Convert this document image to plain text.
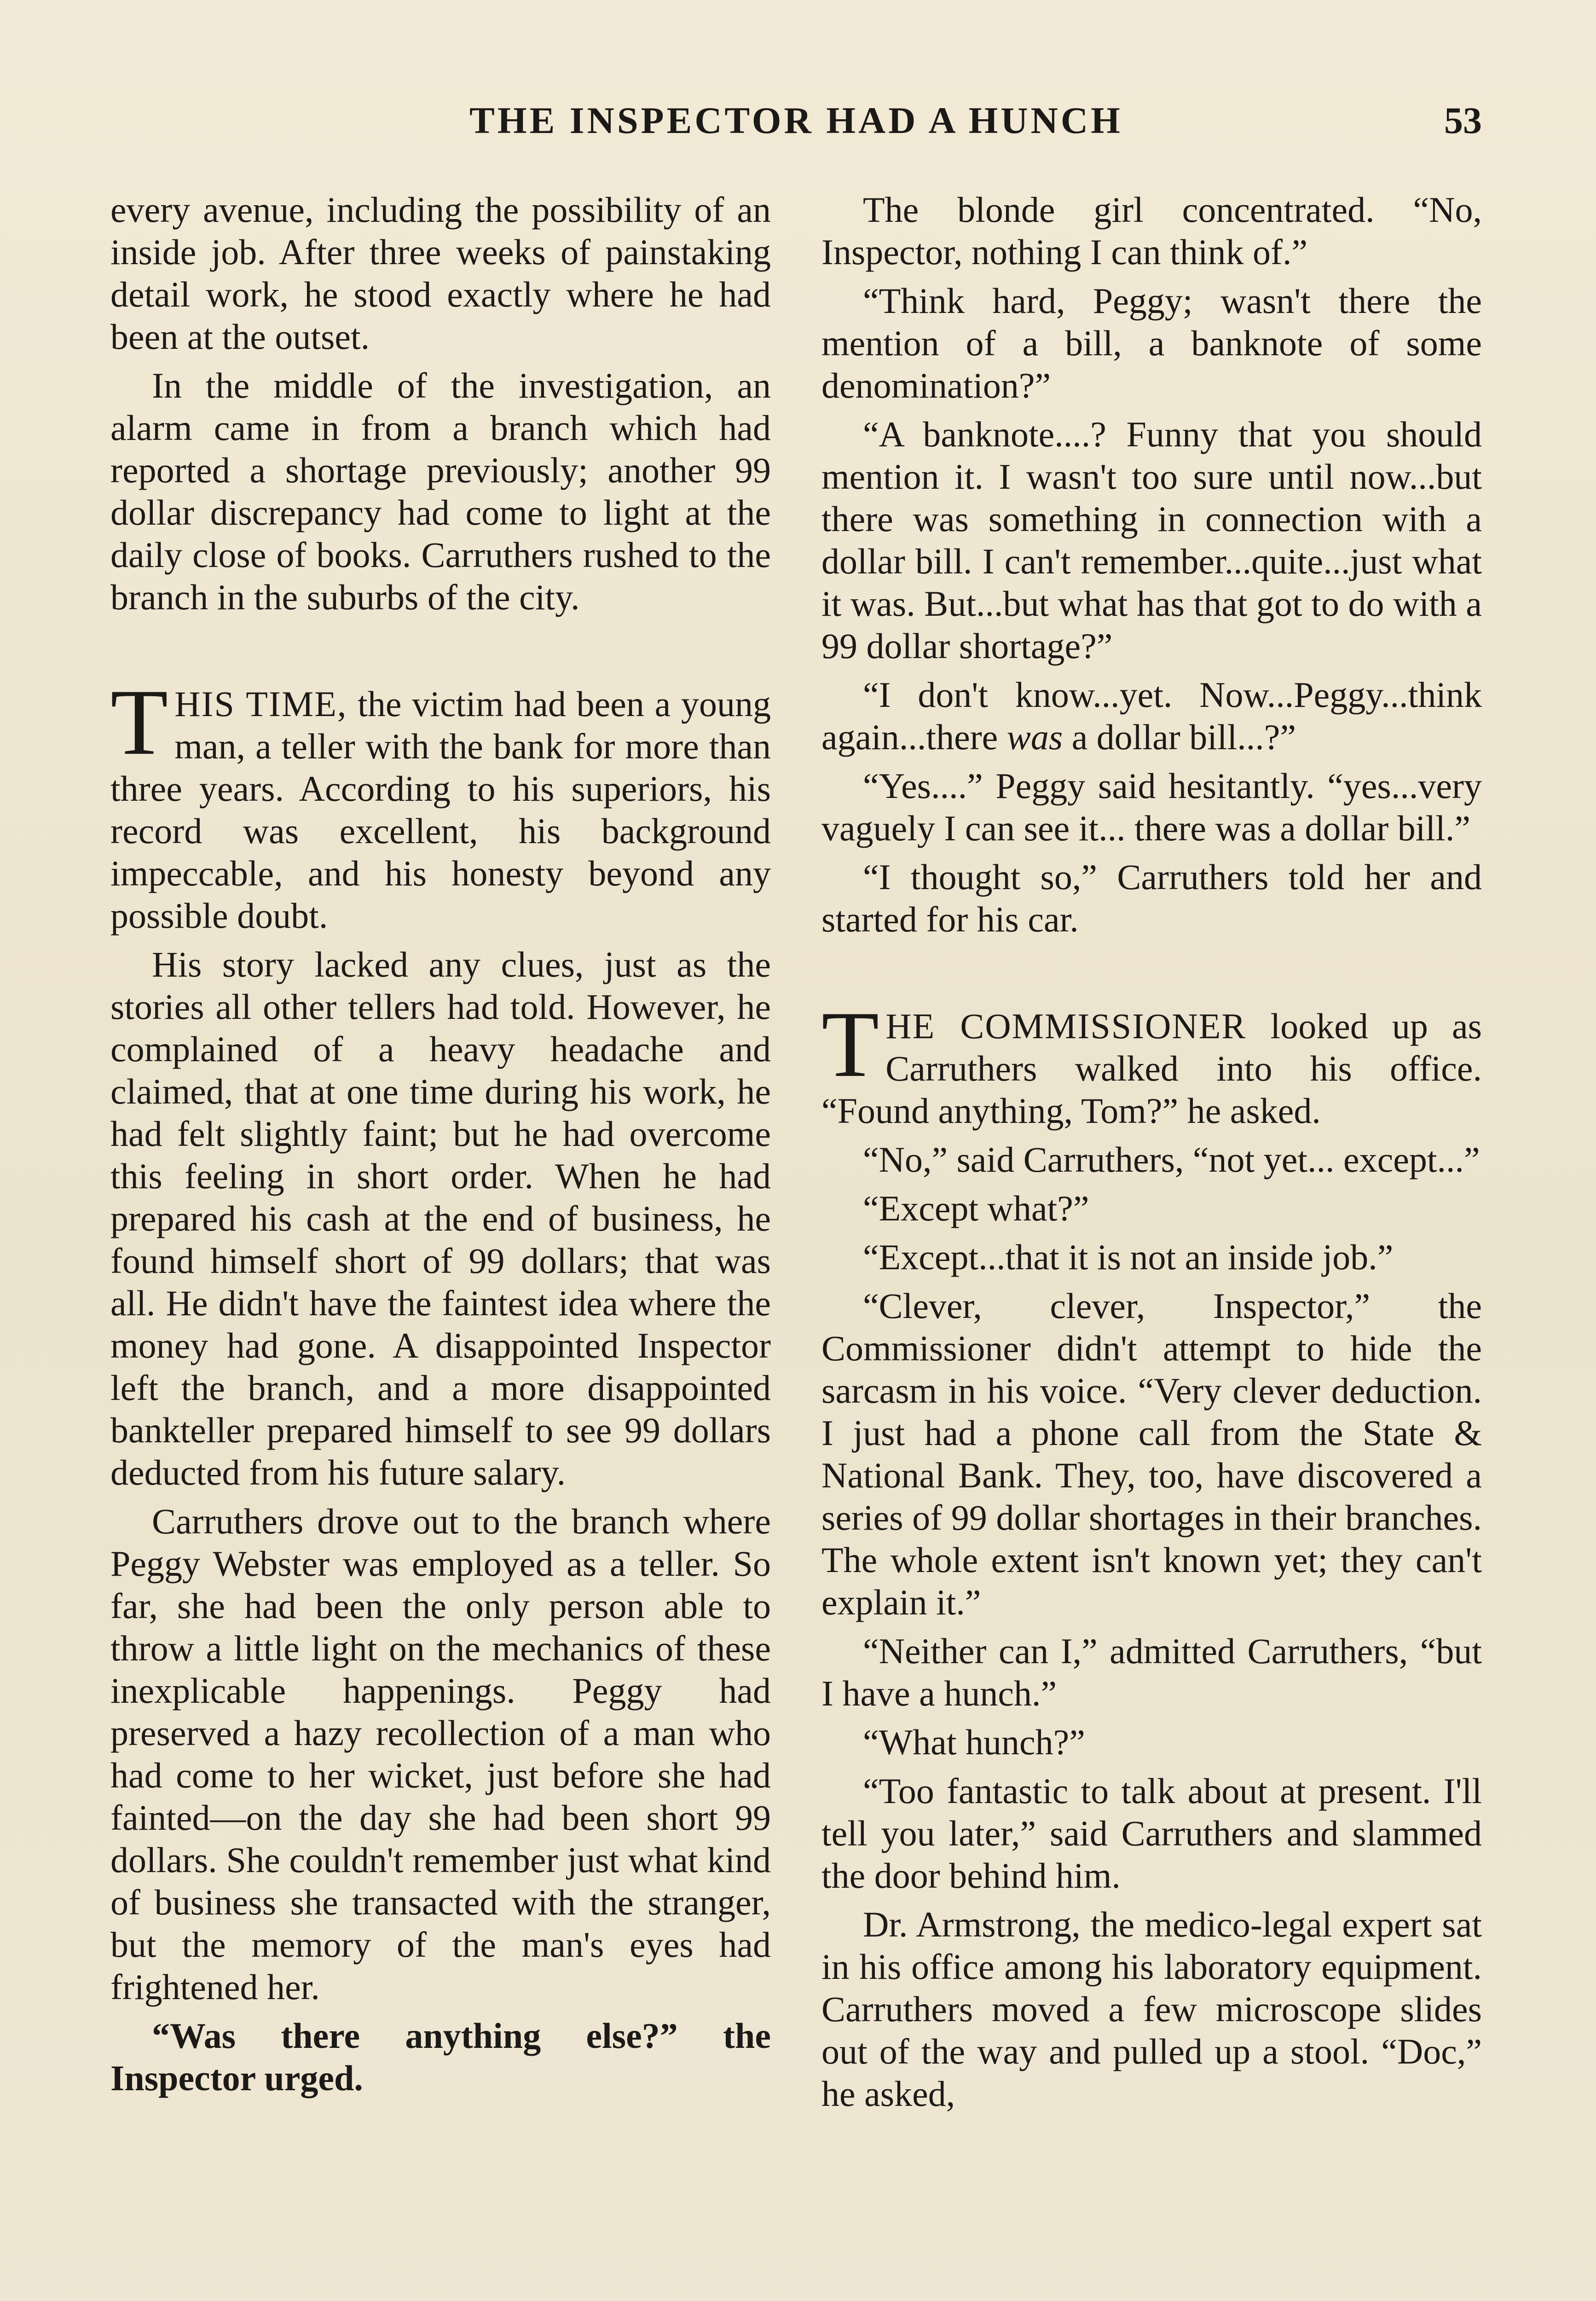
THE INSPECTOR HAD A HUNCH	53

every avenue, including the possibility of an inside job. After three weeks of painstaking detail work, he stood exactly where he had been at the outset.

In the middle of the investigation, an alarm came in from a branch which had reported a shortage previously; another 99 dollar discrepancy had come to light at the daily close of books. Carruthers rushed to the branch in the suburbs of the city.

THIS TIME, the victim had been a young man, a teller with the bank for more than three years. According to his superiors, his record was excellent, his background impeccable, and his honesty beyond any possible doubt.

His story lacked any clues, just as the stories all other tellers had told. However, he complained of a heavy headache and claimed, that at one time during his work, he had felt slightly faint; but he had overcome this feeling in short order. When he had prepared his cash at the end of business, he found himself short of 99 dollars; that was all. He didn't have the faintest idea where the money had gone. A disappointed Inspector left the branch, and a more disappointed bankteller prepared himself to see 99 dollars deducted from his future salary.

Carruthers drove out to the branch where Peggy Webster was employed as a teller. So far, she had been the only person able to throw a little light on the mechanics of these inexplicable happenings. Peggy had preserved a hazy recollection of a man who had come to her wicket, just before she had fainted—on the day she had been short 99 dollars. She couldn't remember just what kind of business she transacted with the stranger, but the memory of the man's eyes had frightened her.

“Was there anything else?” the Inspector urged.

The blonde girl concentrated. “No, Inspector, nothing I can think of.”

“Think hard, Peggy; wasn't there the mention of a bill, a banknote of some denomination?”

“A banknote....? Funny that you should mention it. I wasn't too sure until now...but there was something in connection with a dollar bill. I can't remember...quite...just what it was. But...but what has that got to do with a 99 dollar shortage?”

“I don't know...yet. Now...Peggy...think again...there was a dollar bill...?”

“Yes....” Peggy said hesitantly. “yes...very vaguely I can see it... there was a dollar bill.”

“I thought so,” Carruthers told her and started for his car.

THE COMMISSIONER looked up as Carruthers walked into his office. “Found anything, Tom?” he asked.

“No,” said Carruthers, “not yet... except...”

“Except what?”

“Except...that it is not an inside job.”

“Clever, clever, Inspector,” the Commissioner didn't attempt to hide the sarcasm in his voice. “Very clever deduction. I just had a phone call from the State & National Bank. They, too, have discovered a series of 99 dollar shortages in their branches. The whole extent isn't known yet; they can't explain it.”

“Neither can I,” admitted Carruthers, “but I have a hunch.”

“What hunch?”

“Too fantastic to talk about at present. I'll tell you later,” said Carruthers and slammed the door behind him.

Dr. Armstrong, the medico-legal expert sat in his office among his laboratory equipment. Carruthers moved a few microscope slides out of the way and pulled up a stool. “Doc,” he asked,
